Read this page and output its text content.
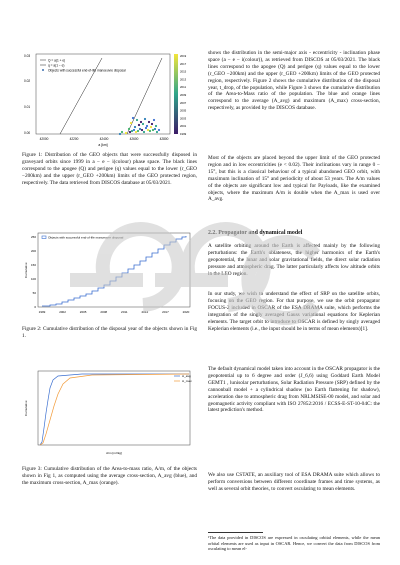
Q = a(1 + e)
q = a(1 − e)
Objects with successful end-of-life manoeuvre disposal
0.00
0.01
0.02
0.03
42000	42200	42400	42600	42800
a [km]
2019
2017
2015
2013
2011
2009
2007
2005
2003
2001
1999
Figure 1: Distribution of the GEO objects that were successfully disposed in graveyard orbits since 1999 in a − e − i(colour) phase space. The black lines correspond to the apogee (Q) and perigee (q) values equal to the lower (r_GEO −200km) and the upper (r_GEO +200km) limits of the GEO protected region, respectively. The data retrieved from DISCOS database at 05/03/2021.
Objects with successful end-of-life manoeuvre disposal
Cumulative
0
50
100
150
200
250
1999	2002	2005	2008	2011	2014	2017	2020
Figure 2: Cumulative distribution of the disposal year of the objects shown in Fig 1.
A_avg
A_max
Cumulative
A/m [m²/kg]
Figure 3: Cumulative distribution of the Area-to-mass ratio, A/m, of the objects shown in Fig 1, as computed using the average cross-section, A_avg (blue), and the maximum cross-section, A_max (orange).

shows the distribution in the semi-major axis - eccentricity - inclination phase space (a − e − i(colour)), as retrieved from DISCOS at 05/03/2021. The black lines correspond to the apogee (Q) and perigee (q) values equal to the lower (r_GEO −200km) and the upper (r_GEO +200km) limits of the GEO protected region, respectively. Figure 2 shows the cumulative distribution of the disposal year, t_drop, of the population, while Figure 3 shows the cumulative distribution of the Area-to-Mass ratio of the population. The blue and orange lines correspond to the average (A_avg) and maximum (A_max) cross-section, respectively, as provided by the DISCOS database.

Most of the objects are placed beyond the upper limit of the GEO protected region and in low eccentricities (e < 0.02). Their inclinations vary in range 0 − 15°, but this is a classical behaviour of a typical abandoned GEO orbit, with maximum inclination of 15° and periodicity of about 53 years. The A/m values of the objects are significant low and typical for Payloads, like the examined objects, where the maximum A/m is double when the A_max is used over A_avg.

2.2. Propagator and dynamical model

A satellite orbiting around the Earth is affected mainly by the following perturbations: the Earth's oblateness, the higher harmonics of the Earth's geopotential, the lunar and solar gravitational fields, the direct solar radiation pressure and atmospheric drag. The latter particularly affects low altitude orbits in the LEO region.

In our study, we wish to understand the effect of SRP on the satellite orbits, focusing on the GEO region. For that purpose, we use the orbit propagator FOCUS-2 included in OSCAR of the ESA DRAMA suite, which performs the integration of the singly averaged Gauss variational equations for Keplerian elements. The target orbit to introduce to OSCAR is defined by singly averaged Keplerian elements (i.e., the input should be in terms of mean elements)[1].

The default dynamical model taken into account in the OSCAR propagator is the geopotential up to 6 degree and order (J_6,6) using Goddard Earth Model GEMT1 , lunisolar perturbations, Solar Radiation Pressure (SRP) defined by the cannonball model + a cylindrical shadow (no Earth flattening for shadow), acceleration due to atmospheric drag from NRLMSISE-00 model, and solar and geomagnetic activity compliant with ISO 27852:2016 / ECSS-E-ST-10-04C: the latest prediction's method.

We also use CSTATE, an auxiliary tool of ESA DRAMA suite which allows to perform conversions between different coordinate frames and time systems, as well as several orbit theories, to convert osculating to mean elements.

¹The data provided in DISCOS are expressed in osculating orbital elements, while the mean orbital elements are used as input in OSCAR. Hence, we convert the data from DISCOS from osculating to mean el-
